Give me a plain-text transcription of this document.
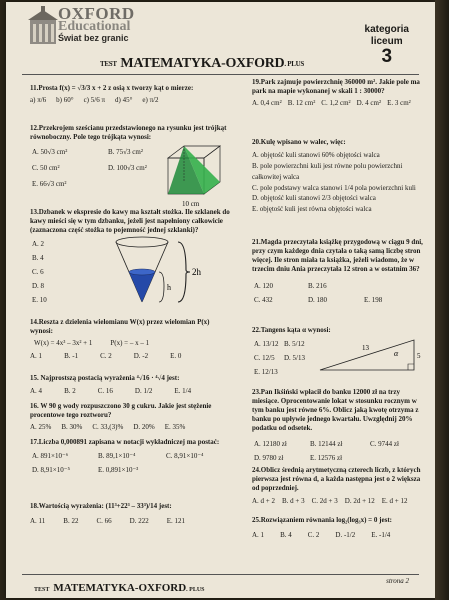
OXFORD
Educational
Świat bez granic
kategoria
liceum
3
TEST MATEMATYKA-OXFORD. PLUS
11.Prosta f(x) = √3/3 x + 2 z osią x tworzy kąt o mierze:
a) π/6 b) 60° c) 5/6 π d) 45° e) π/2
12.Przekrojem sześcianu przedstawionego na rysunku jest trójkąt równoboczny. Pole tego trójkąta wynosi:
A. 50√3 cm²	B. 75√3 cm²
C. 50 cm²	D. 100√3 cm²
E. 66√3 cm²
10 cm
13.Dzbanek w ekspresie do kawy ma kształt stożka. Ile szklanek do kawy mieści się w tym dzbanku, jeżeli jest napełniony całkowicie (zaznaczona część stożka to pojemność jednej szklanki)?
A. 2
B. 4
C. 6
D. 8
E. 10
h
2h
14.Reszta z dzielenia wielomianu W(x) przez wielomian P(x) wynosi:
W(x) = 4x³ – 3x² + 1	P(x) = – x – 1
A. 1	B. -1	C. 2	D. -2	E. 0
15. Najprostszą postacią wyrażenia ⁴√16 · ⁴√4 jest:
A. 4	B. 2	C. 16	D. 1/2	E. 1/4
16. W 90 g wody rozpuszczono 30 g cukru. Jakie jest stężenie procentowe tego roztworu?
A. 25% B. 30% C. 33,(3)% D. 20% E. 35%
17.Liczba 0,000891 zapisana w notacji wykładniczej ma postać:
A. 891×10⁻⁶	B. 89,1×10⁻⁴	C. 8,91×10⁻⁴
D. 8,91×10⁻⁵	E. 0,891×10⁻³
18.Wartością wyrażenia: (11³+22³ – 33³)/14 jest:
A. 11	B. 22	C. 66	D. 222	E. 121
19.Park zajmuje powierzchnię 360000 m². Jakie pole ma park na mapie wykonanej w skali 1 : 30000?
A. 0,4 cm² B. 12 cm² C. 1,2 cm² D. 4 cm² E. 3 cm²
20.Kulę wpisano w walec, więc:
A. objętość kuli stanowi 60% objętości walca
B. pole powierzchni kuli jest równe polu powierzchni całkowitej walca
C. pole podstawy walca stanowi 1/4 pola powierzchni kuli
D. objętość kuli stanowi 2/3 objętości walca
E. objętość kuli jest równa objętości walca
21.Magda przeczytała książkę przygodową w ciągu 9 dni, przy czym każdego dnia czytała o taką samą liczbę stron więcej. Ile stron miała ta książka, jeżeli wiadomo, że w trzecim dniu Ania przeczytała 12 stron a w ostatnim 36?
A. 120	B. 216
C. 432	D. 180	E. 198
22.Tangens kąta α wynosi:
A. 13/12 B. 5/12
C. 12/5 D. 5/13
E. 12/13
13
5
α
23.Pan Ikśiński wpłacił do banku 12000 zł na trzy miesiące. Oprocentowanie lokat w stosunku rocznym w tym banku jest równe 6%. Oblicz jaką kwotę otrzyma z banku po upływie jednego kwartału. Uwzględnij 20% podatku od odsetek.
A. 12180 zł	B. 12144 zł	C. 9744 zł
D. 9780 zł	E. 12576 zł
24.Oblicz średnią arytmetyczną czterech liczb, z których pierwsza jest równa d, a każda następna jest o 2 większa od poprzedniej.
A. d + 2 B. d + 3 C. 2d + 3 D. 2d + 12 E. d + 12
25.Rozwiązaniem równania log₂(log₃x) = 0 jest:
A. 1 B. 4 C. 2 D. -1/2 E. -1/4
TEST MATEMATYKA-OXFORD. PLUS
strona 2
